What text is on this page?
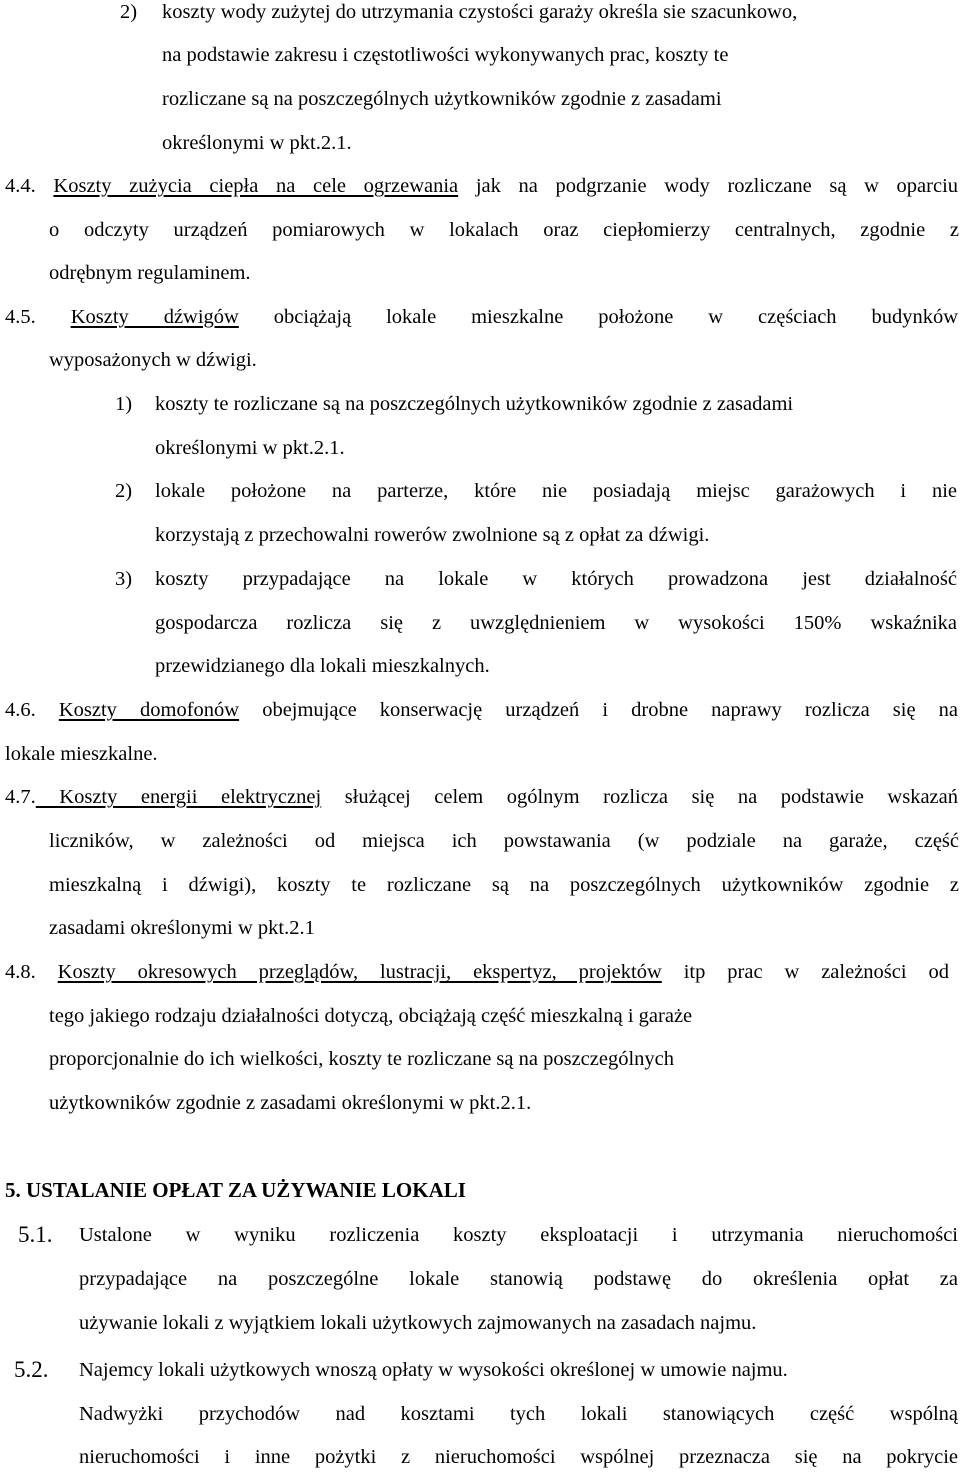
2) koszty wody zużytej do utrzymania czystości garaży określa sie szacunkowo,
na podstawie zakresu i częstotliwości wykonywanych prac, koszty te
rozliczane są na poszczególnych użytkowników zgodnie z zasadami
określonymi w pkt.2.1.
4.4. Koszty zużycia ciepła na cele ogrzewania jak na podgrzanie wody rozliczane są w oparciu
o odczyty urządzeń pomiarowych w lokalach oraz ciepłomierzy centralnych, zgodnie z
odrębnym regulaminem.
4.5. Koszty dźwigów obciążają lokale mieszkalne położone w częściach budynków
wyposażonych w dźwigi.
1) koszty te rozliczane są na poszczególnych użytkowników zgodnie z zasadami
określonymi w pkt.2.1.
2) lokale położone na parterze, które nie posiadają miejsc garażowych i nie
korzystają z przechowalni rowerów zwolnione są z opłat za dźwigi.
3) koszty przypadające na lokale w których prowadzona jest działalność
gospodarcza rozlicza się z uwzględnieniem w wysokości 150% wskaźnika
przewidzianego dla lokali mieszkalnych.
4.6. Koszty domofonów obejmujące konserwację urządzeń i drobne naprawy rozlicza się na
lokale mieszkalne.
4.7. Koszty energii elektrycznej służącej celem ogólnym rozlicza się na podstawie wskazań
liczników, w zależności od miejsca ich powstawania (w podziale na garaże, część
mieszkalną i dźwigi), koszty te rozliczane są na poszczególnych użytkowników zgodnie z
zasadami określonymi w pkt.2.1
4.8. Koszty okresowych przeglądów, lustracji, ekspertyz, projektów itp prac w zależności od
tego jakiego rodzaju działalności dotyczą, obciążają część mieszkalną i garaże
proporcjonalnie do ich wielkości, koszty te rozliczane są na poszczególnych
użytkowników zgodnie z zasadami określonymi w pkt.2.1.
5. USTALANIE OPŁAT ZA UŻYWANIE LOKALI
5.1. Ustalone w wyniku rozliczenia koszty eksploatacji i utrzymania nieruchomości
przypadające na poszczególne lokale stanowią podstawę do określenia opłat za
używanie lokali z wyjątkiem lokali użytkowych zajmowanych na zasadach najmu.
5.2. Najemcy lokali użytkowych wnoszą opłaty w wysokości określonej w umowie najmu.
Nadwyżki przychodów nad kosztami tych lokali stanowiących część wspólną
nieruchomości i inne pożytki z nieruchomości wspólnej przeznacza się na pokrycie
